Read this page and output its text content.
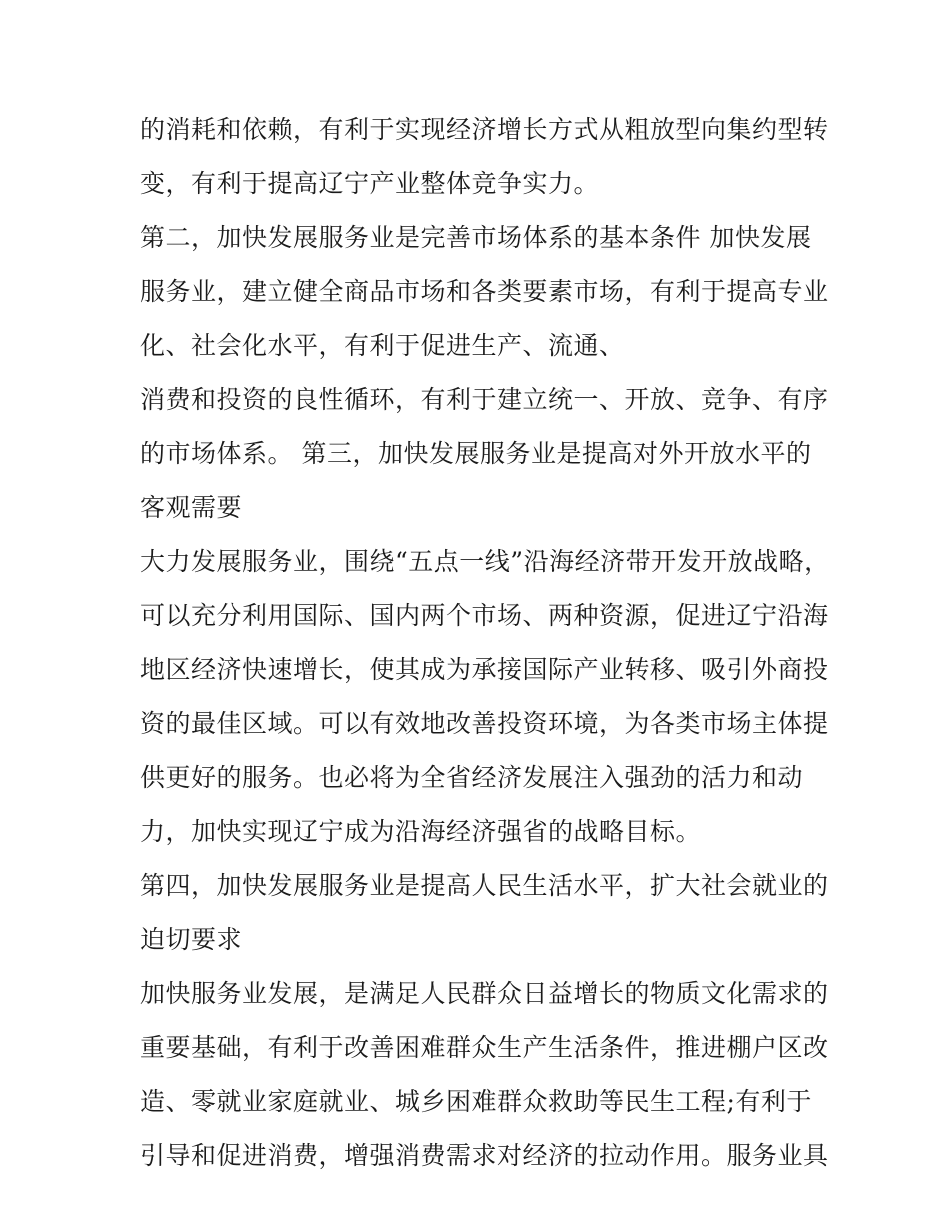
的消耗和依赖，有利于实现经济增长方式从粗放型向集约型转
变，有利于提高辽宁产业整体竞争实力。
第二，加快发展服务业是完善市场体系的基本条件 加快发展
服务业，建立健全商品市场和各类要素市场，有利于提高专业
化、社会化水平，有利于促进生产、流通、
消费和投资的良性循环，有利于建立统一、开放、竞争、有序
的市场体系。 第三，加快发展服务业是提高对外开放水平的
客观需要
大力发展服务业，围绕“五点一线”沿海经济带开发开放战略，
可以充分利用国际、国内两个市场、两种资源，促进辽宁沿海
地区经济快速增长，使其成为承接国际产业转移、吸引外商投
资的最佳区域。可以有效地改善投资环境，为各类市场主体提
供更好的服务。也必将为全省经济发展注入强劲的活力和动
力，加快实现辽宁成为沿海经济强省的战略目标。
第四，加快发展服务业是提高人民生活水平，扩大社会就业的
迫切要求
加快服务业发展，是满足人民群众日益增长的物质文化需求的
重要基础，有利于改善困难群众生产生活条件，推进棚户区改
造、零就业家庭就业、城乡困难群众救助等民生工程;有利于
引导和促进消费，增强消费需求对经济的拉动作用。服务业具
